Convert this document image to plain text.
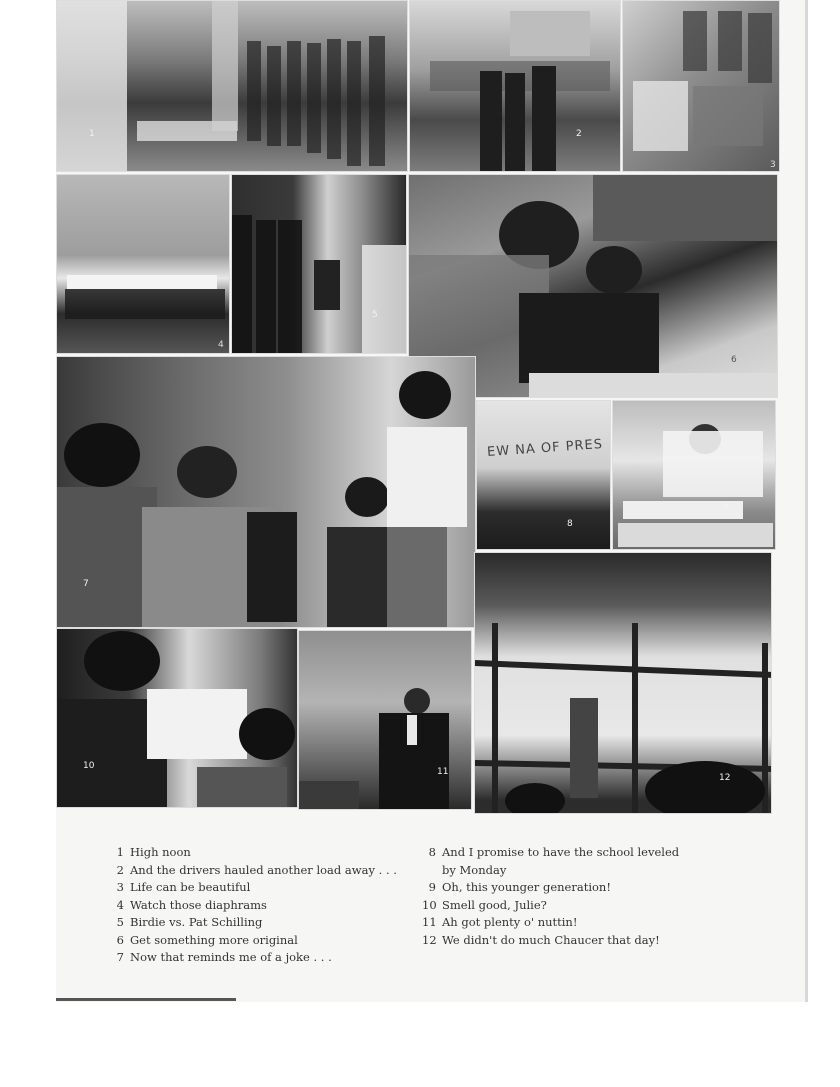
1	2
5
6
7
EW NA OF PRES
8
9
10
11
12
1 High noon
2 And the drivers hauled another load away . . .
3 Life can be beautiful
4 Watch those diaphrams
5 Birdie vs. Pat Schilling
6 Get something more original
7 Now that reminds me of a joke . . .
8 And I promise to have the school leveled by Monday
9 Oh, this younger generation!
10 Smell good, Julie?
11 Ah got plenty o' nuttin!
12 We didn't do much Chaucer that day!
3
4
